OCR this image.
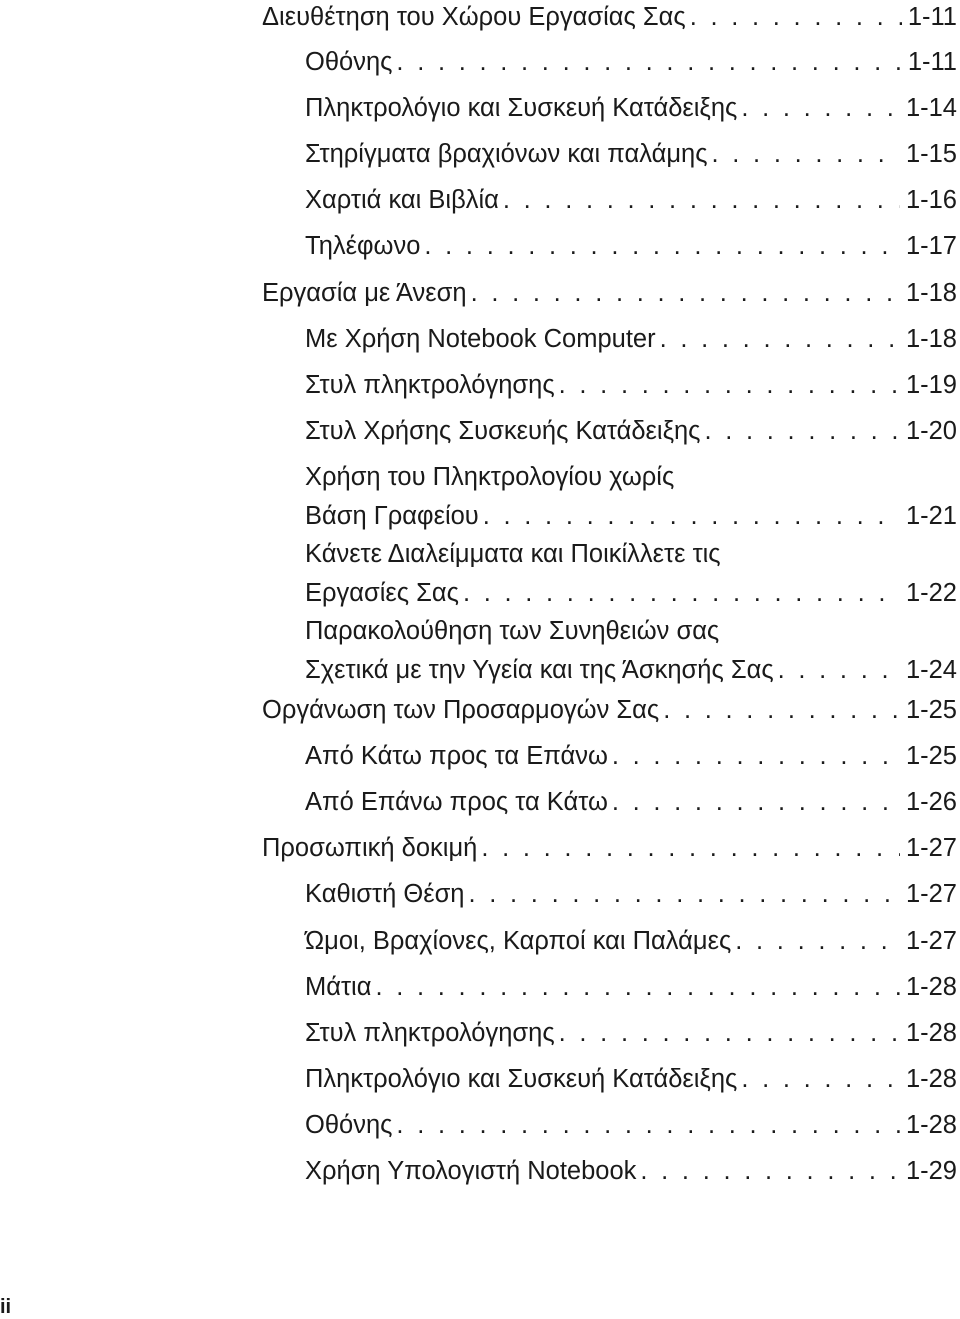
Διευθέτηση του Χώρου Εργασίας Σας . . .	1-11
Οθόνης . . .	1-11
Πληκτρολόγιο και Συσκευή Κατάδειξης . . .	1-14
Στηρίγματα βραχιόνων και παλάμης . . .	1-15
Χαρτιά και Βιβλία . . .	1-16
Τηλέφωνο . . .	1-17
Εργασία με Άνεση . . .	1-18
Με Χρήση Notebook Computer . . .	1-18
Στυλ πληκτρολόγησης . . .	1-19
Στυλ Χρήσης Συσκευής Κατάδειξης . . .	1-20
Χρήση του Πληκτρολογίου χωρίς
Βάση Γραφείου . . .	1-21
Κάνετε Διαλείμματα και Ποικίλλετε τις
Εργασίες Σας . . .	1-22
Παρακολούθηση των Συνηθειών σας
Σχετικά με την Υγεία και της Άσκησής Σας . . .	1-24
Οργάνωση των Προσαρμογών Σας . . .	1-25
Από Κάτω προς τα Επάνω . . .	1-25
Από Επάνω προς τα Κάτω . . .	1-26
Προσωπική δοκιμή . . .	1-27
Καθιστή Θέση . . .	1-27
Ώμοι, Βραχίονες, Καρποί και Παλάμες . . .	1-27
Μάτια . . .	1-28
Στυλ πληκτρολόγησης . . .	1-28
Πληκτρολόγιο και Συσκευή Κατάδειξης . . .	1-28
Οθόνης . . .	1-28
Χρήση Υπολογιστή Notebook . . .	1-29
ii
